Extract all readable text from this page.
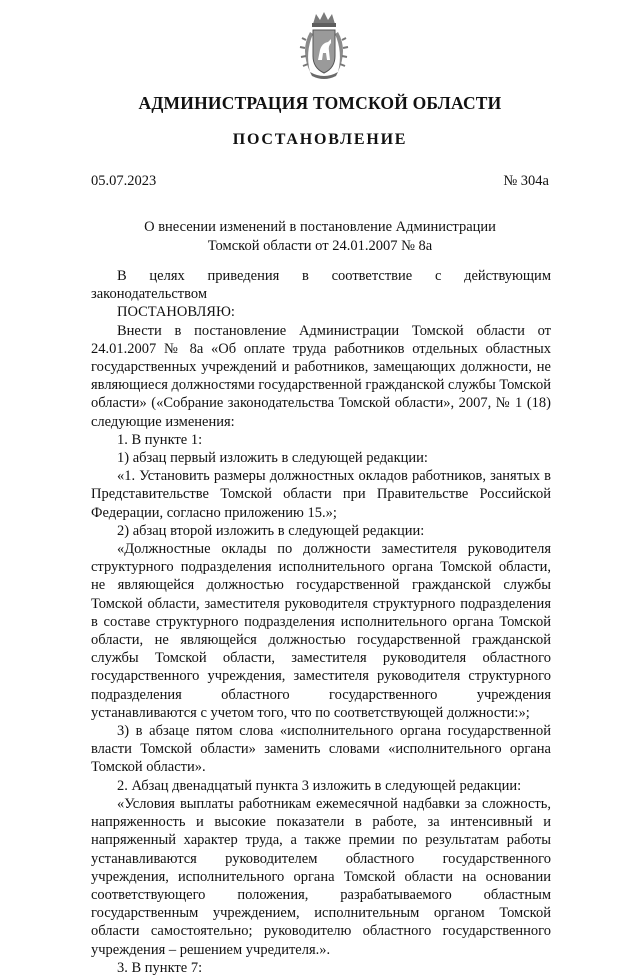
АДМИНИСТРАЦИЯ ТОМСКОЙ ОБЛАСТИ
ПОСТАНОВЛЕНИЕ
05.07.2023	№ 304а
О внесении изменений в постановление Администрации
Томской области от 24.01.2007 № 8а

В целях приведения в соответствие с действующим законодательством

ПОСТАНОВЛЯЮ:

Внести в постановление Администрации Томской области от 24.01.2007 № 8а «Об оплате труда работников отдельных областных государственных учреждений и работников, замещающих должности, не являющиеся должностями государственной гражданской службы Томской области» («Собрание законодательства Томской области», 2007, № 1 (18) следующие изменения:

1. В пункте 1:

1) абзац первый изложить в следующей редакции:

«1. Установить размеры должностных окладов работников, занятых в Представительстве Томской области при Правительстве Российской Федерации, согласно приложению 15.»;

2) абзац второй изложить в следующей редакции:

«Должностные оклады по должности заместителя руководителя структурного подразделения исполнительного органа Томской области, не являющейся должностью государственной гражданской службы Томской области, заместителя руководителя структурного подразделения в составе структурного подразделения исполнительного органа Томской области, не являющейся должностью государственной гражданской службы Томской области, заместителя руководителя областного государственного учреждения, заместителя руководителя структурного подразделения областного государственного учреждения устанавливаются с учетом того, что по соответствующей должности:»;

3) в абзаце пятом слова «исполнительного органа государственной власти Томской области» заменить словами «исполнительного органа Томской области».

2. Абзац двенадцатый пункта 3 изложить в следующей редакции:

«Условия выплаты работникам ежемесячной надбавки за сложность, напряженность и высокие показатели в работе, за интенсивный и напряженный характер труда, а также премии по результатам работы устанавливаются руководителем областного государственного учреждения, исполнительного органа Томской области на основании соответствующего положения, разрабатываемого областным государственным учреждением, исполнительным органом Томской области самостоятельно; руководителю областного государственного учреждения – решением учредителя.».

3. В пункте 7:
